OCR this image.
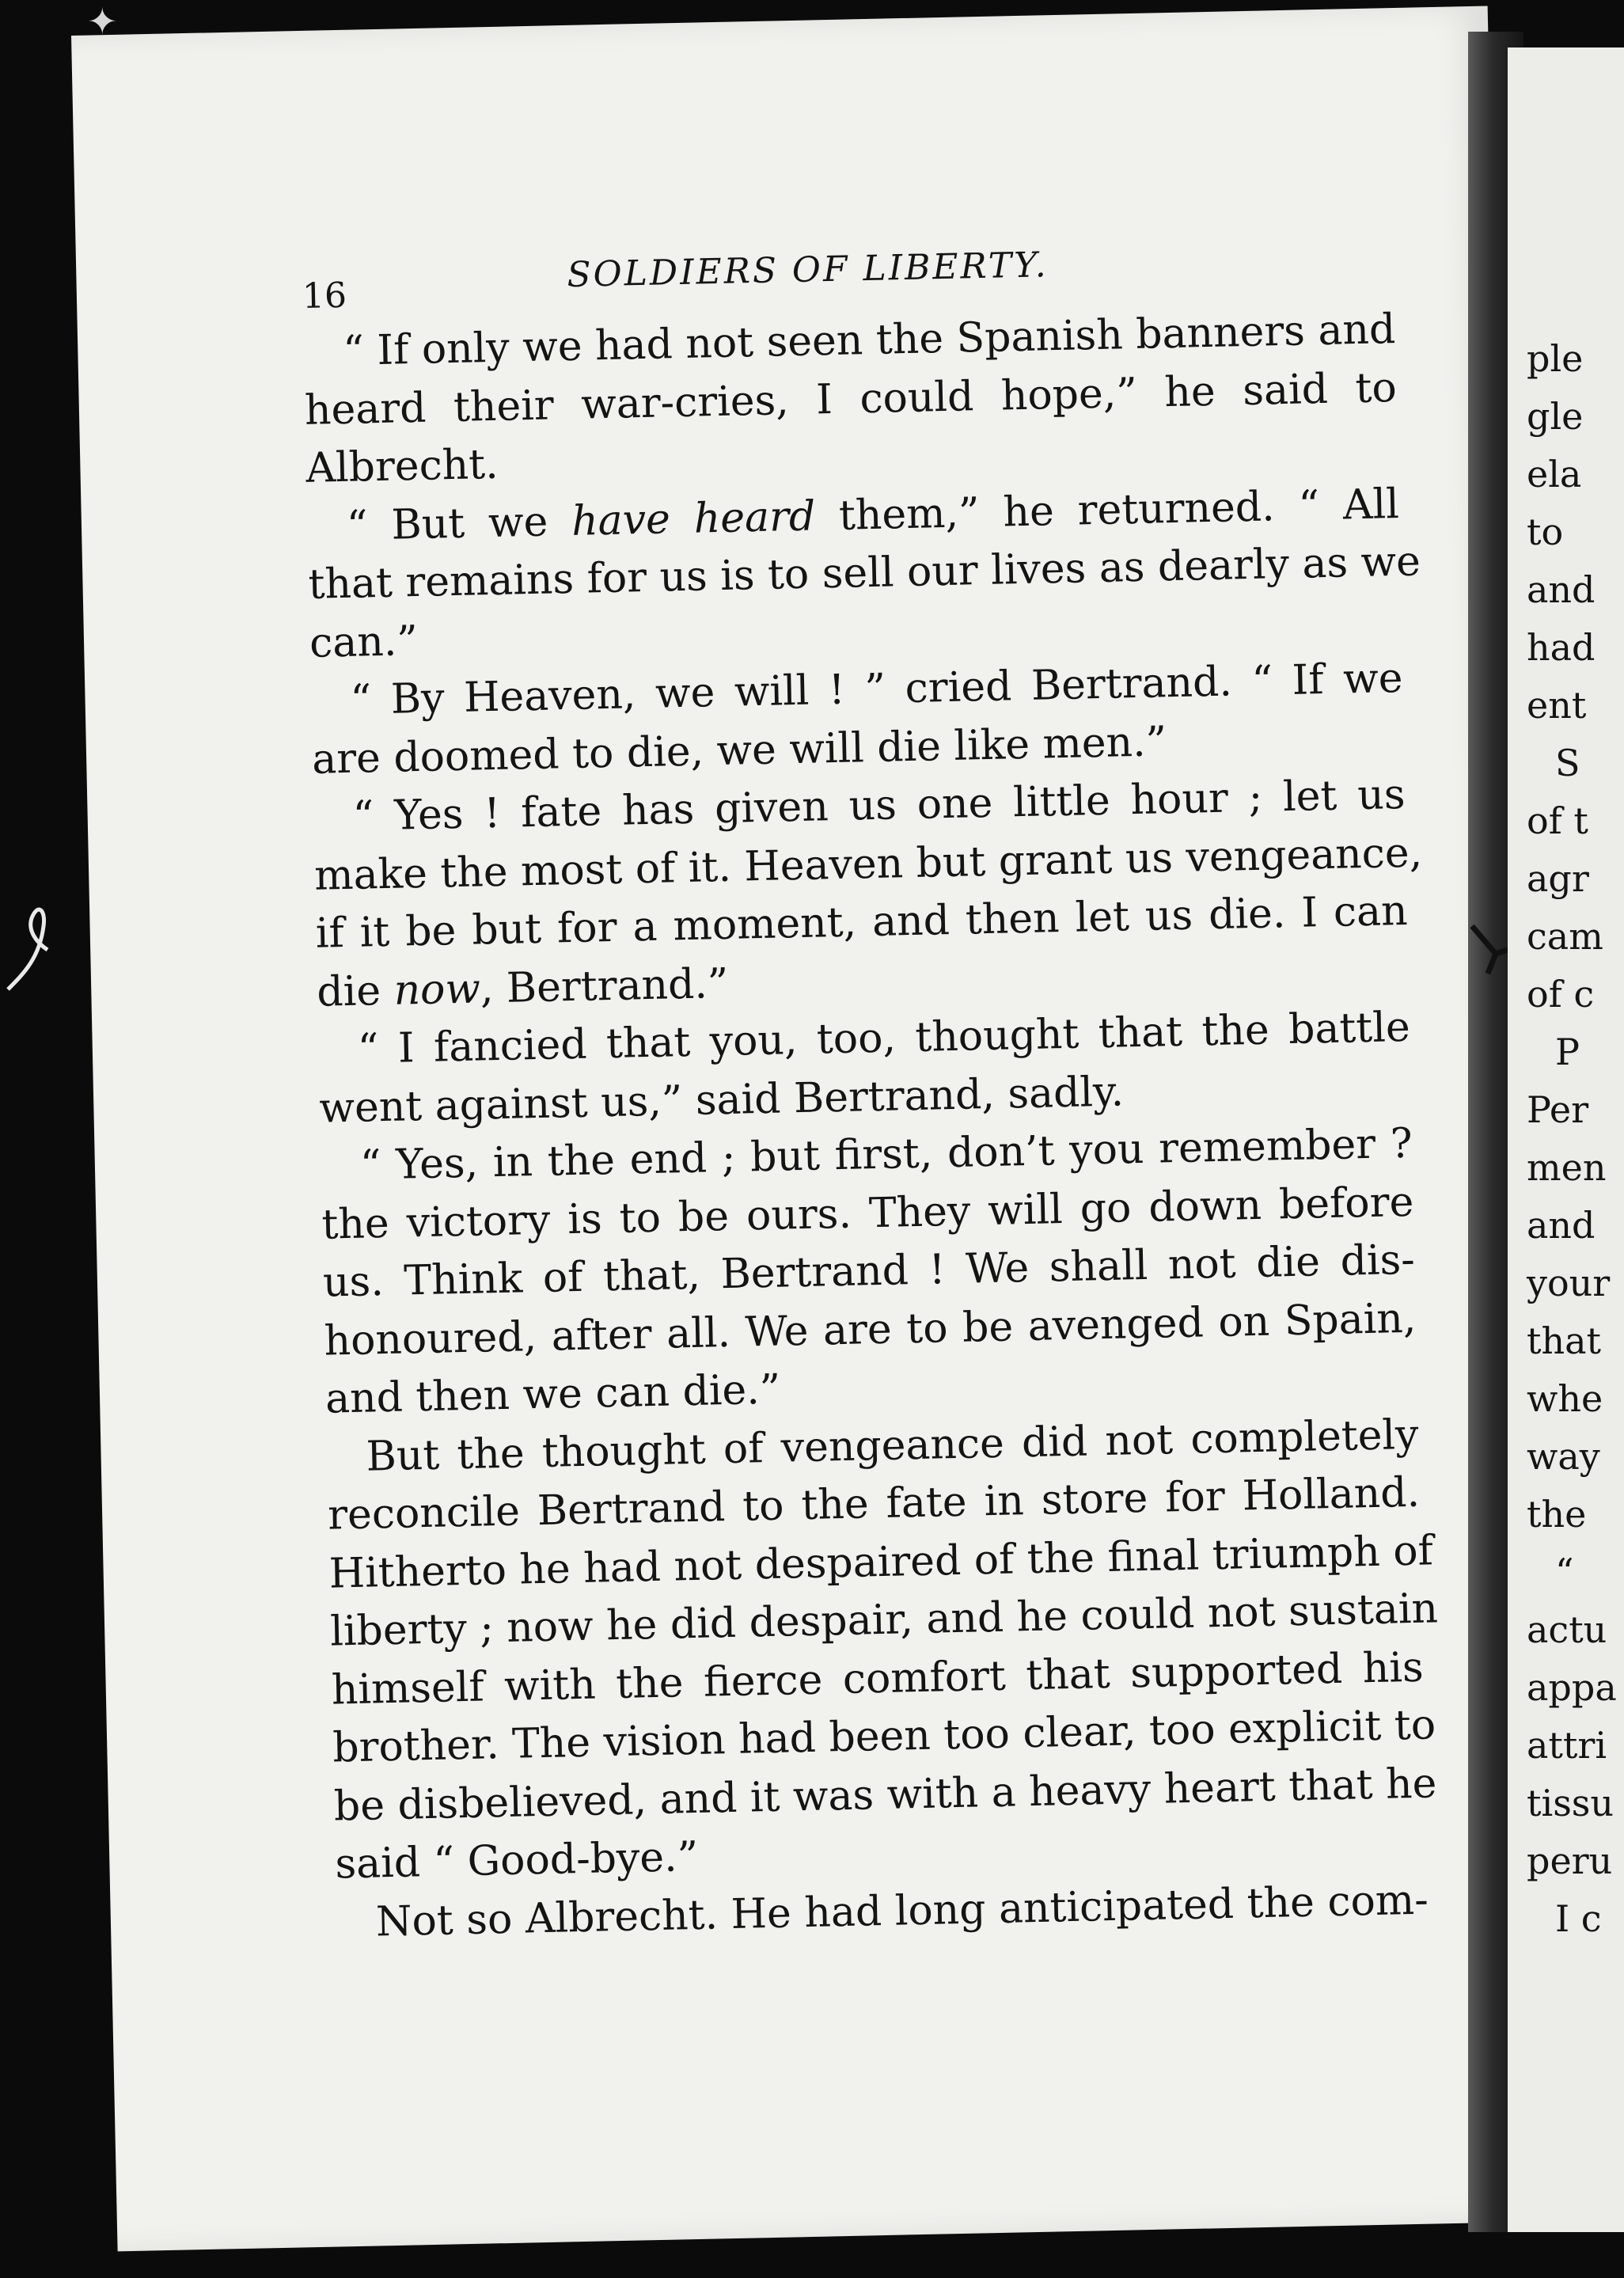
✦
16
SOLDIERS OF LIBERTY.
“ If only we had not seen the Spanish banners and
heard their war-cries, I could hope,” he said to
Albrecht.
“ But we have heard them,” he returned. “ All
that remains for us is to sell our lives as dearly as we
can.”
“ By Heaven, we will ! ” cried Bertrand. “ If we
are doomed to die, we will die like men.”
“ Yes ! fate has given us one little hour ; let us
make the most of it. Heaven but grant us vengeance,
if it be but for a moment, and then let us die. I can
die now, Bertrand.”
“ I fancied that you, too, thought that the battle
went against us,” said Bertrand, sadly.
“ Yes, in the end ; but first, don’t you remember ?
the victory is to be ours. They will go down before
us. Think of that, Bertrand ! We shall not die dis-
honoured, after all. We are to be avenged on Spain,
and then we can die.”
But the thought of vengeance did not completely
reconcile Bertrand to the fate in store for Holland.
Hitherto he had not despaired of the final triumph of
liberty ; now he did despair, and he could not sustain
himself with the fierce comfort that supported his
brother. The vision had been too clear, too explicit to
be disbelieved, and it was with a heavy heart that he
said “ Good-bye.”
Not so Albrecht. He had long anticipated the com-
ple
gle
ela
to
and
had
ent
S
of t
agr
cam
of c
P
Per
men
and
your
that
whe
way
the
“
actu
appa
attri
tissu
peru
I c
